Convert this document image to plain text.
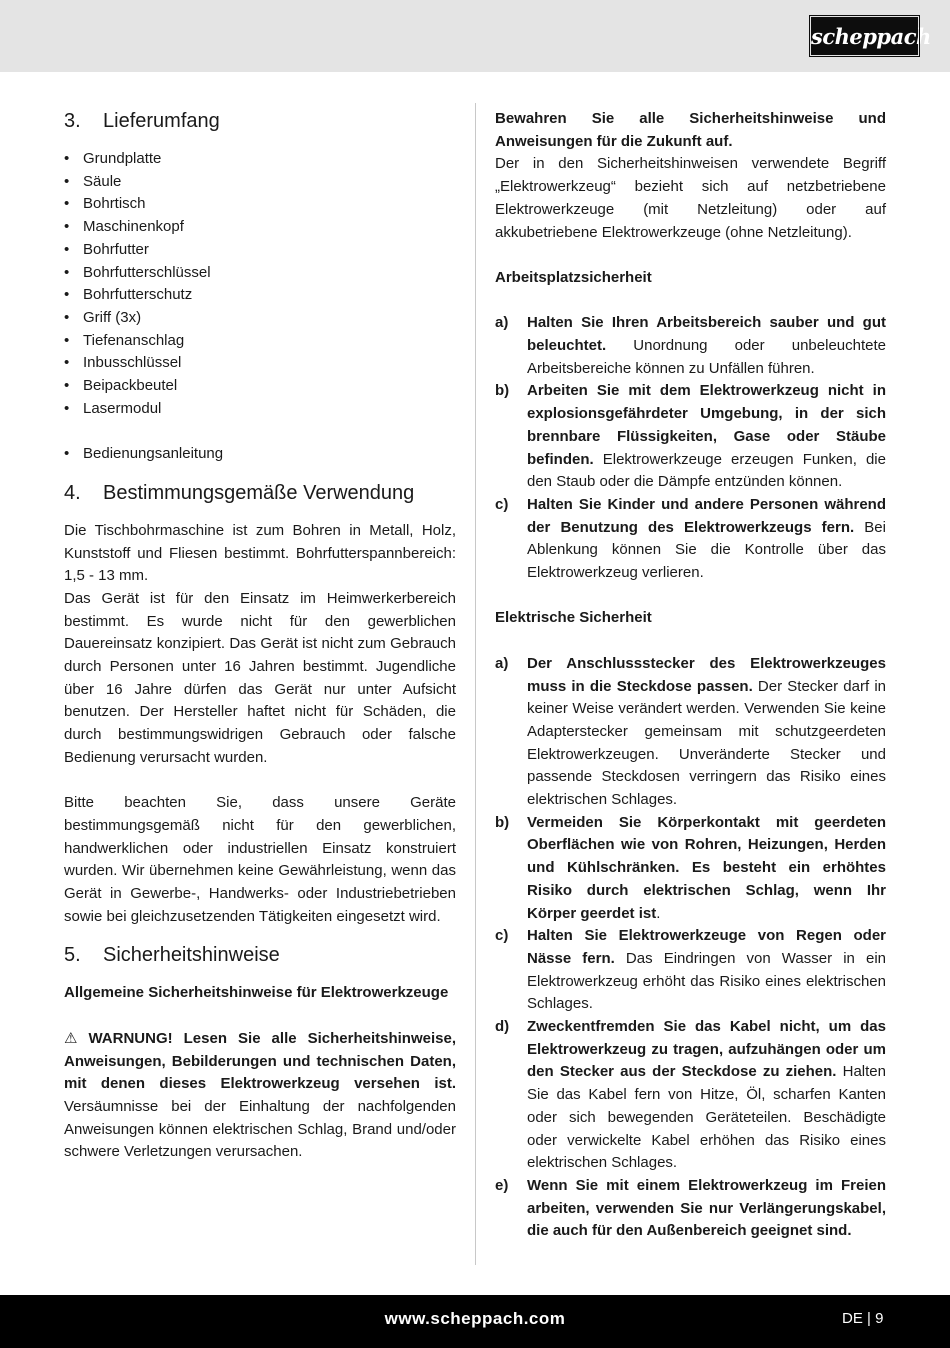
scheppach
3.	Lieferumfang
• Grundplatte
• Säule
• Bohrtisch
• Maschinenkopf
• Bohrfutter
• Bohrfutterschlüssel
• Bohrfutterschutz
• Griff (3x)
• Tiefenanschlag
• Inbusschlüssel
• Beipackbeutel
• Lasermodul
• Bedienungsanleitung
4.	Bestimmungsgemäße Verwendung

Die Tischbohrmaschine ist zum Bohren in Metall, Holz, Kunststoff und Fliesen bestimmt. Bohrfutterspannbereich: 1,5 - 13 mm.

Das Gerät ist für den Einsatz im Heimwerkerbereich bestimmt. Es wurde nicht für den gewerblichen Dauereinsatz konzipiert. Das Gerät ist nicht zum Gebrauch durch Personen unter 16 Jahren bestimmt. Jugendliche über 16 Jahre dürfen das Gerät nur unter Aufsicht benutzen. Der Hersteller haftet nicht für Schäden, die durch bestimmungswidrigen Gebrauch oder falsche Bedienung verursacht wurden.

Bitte beachten Sie, dass unsere Geräte bestimmungsgemäß nicht für den gewerblichen, handwerklichen oder industriellen Einsatz konstruiert wurden. Wir übernehmen keine Gewährleistung, wenn das Gerät in Gewerbe-, Handwerks- oder Industriebetrieben sowie bei gleichzusetzenden Tätigkeiten eingesetzt wird.

5.	Sicherheitshinweise

Allgemeine Sicherheitshinweise für Elektrowerkzeuge

⚠ WARNUNG! Lesen Sie alle Sicherheitshinweise, Anweisungen, Bebilderungen und technischen Daten, mit denen dieses Elektrowerkzeug versehen ist. Versäumnisse bei der Einhaltung der nachfolgenden Anweisungen können elektrischen Schlag, Brand und/oder schwere Verletzungen verursachen.

Bewahren Sie alle Sicherheitshinweise und Anweisungen für die Zukunft auf.

Der in den Sicherheitshinweisen verwendete Begriff „Elektrowerkzeug“ bezieht sich auf netzbetriebene Elektrowerkzeuge (mit Netzleitung) oder auf akkubetriebene Elektrowerkzeuge (ohne Netzleitung).

Arbeitsplatzsicherheit

a) Halten Sie Ihren Arbeitsbereich sauber und gut beleuchtet. Unordnung oder unbeleuchtete Arbeitsbereiche können zu Unfällen führen.
b) Arbeiten Sie mit dem Elektrowerkzeug nicht in explosionsgefährdeter Umgebung, in der sich brennbare Flüssigkeiten, Gase oder Stäube befinden. Elektrowerkzeuge erzeugen Funken, die den Staub oder die Dämpfe entzünden können.
c) Halten Sie Kinder und andere Personen während der Benutzung des Elektrowerkzeugs fern. Bei Ablenkung können Sie die Kontrolle über das Elektrowerkzeug verlieren.

Elektrische Sicherheit

a) Der Anschlussstecker des Elektrowerkzeuges muss in die Steckdose passen. Der Stecker darf in keiner Weise verändert werden. Verwenden Sie keine Adapterstecker gemeinsam mit schutzgeerdeten Elektrowerkzeugen. Unveränderte Stecker und passende Steckdosen verringern das Risiko eines elektrischen Schlages.
b) Vermeiden Sie Körperkontakt mit geerdeten Oberflächen wie von Rohren, Heizungen, Herden und Kühlschränken. Es besteht ein erhöhtes Risiko durch elektrischen Schlag, wenn Ihr Körper geerdet ist.
c) Halten Sie Elektrowerkzeuge von Regen oder Nässe fern. Das Eindringen von Wasser in ein Elektrowerkzeug erhöht das Risiko eines elektrischen Schlages.
d) Zweckentfremden Sie das Kabel nicht, um das Elektrowerkzeug zu tragen, aufzuhängen oder um den Stecker aus der Steckdose zu ziehen. Halten Sie das Kabel fern von Hitze, Öl, scharfen Kanten oder sich bewegenden Geräteteilen. Beschädigte oder verwickelte Kabel erhöhen das Risiko eines elektrischen Schlages.
e) Wenn Sie mit einem Elektrowerkzeug im Freien arbeiten, verwenden Sie nur Verlängerungskabel, die auch für den Außenbereich geeignet sind.
www.scheppach.com	DE | 9
